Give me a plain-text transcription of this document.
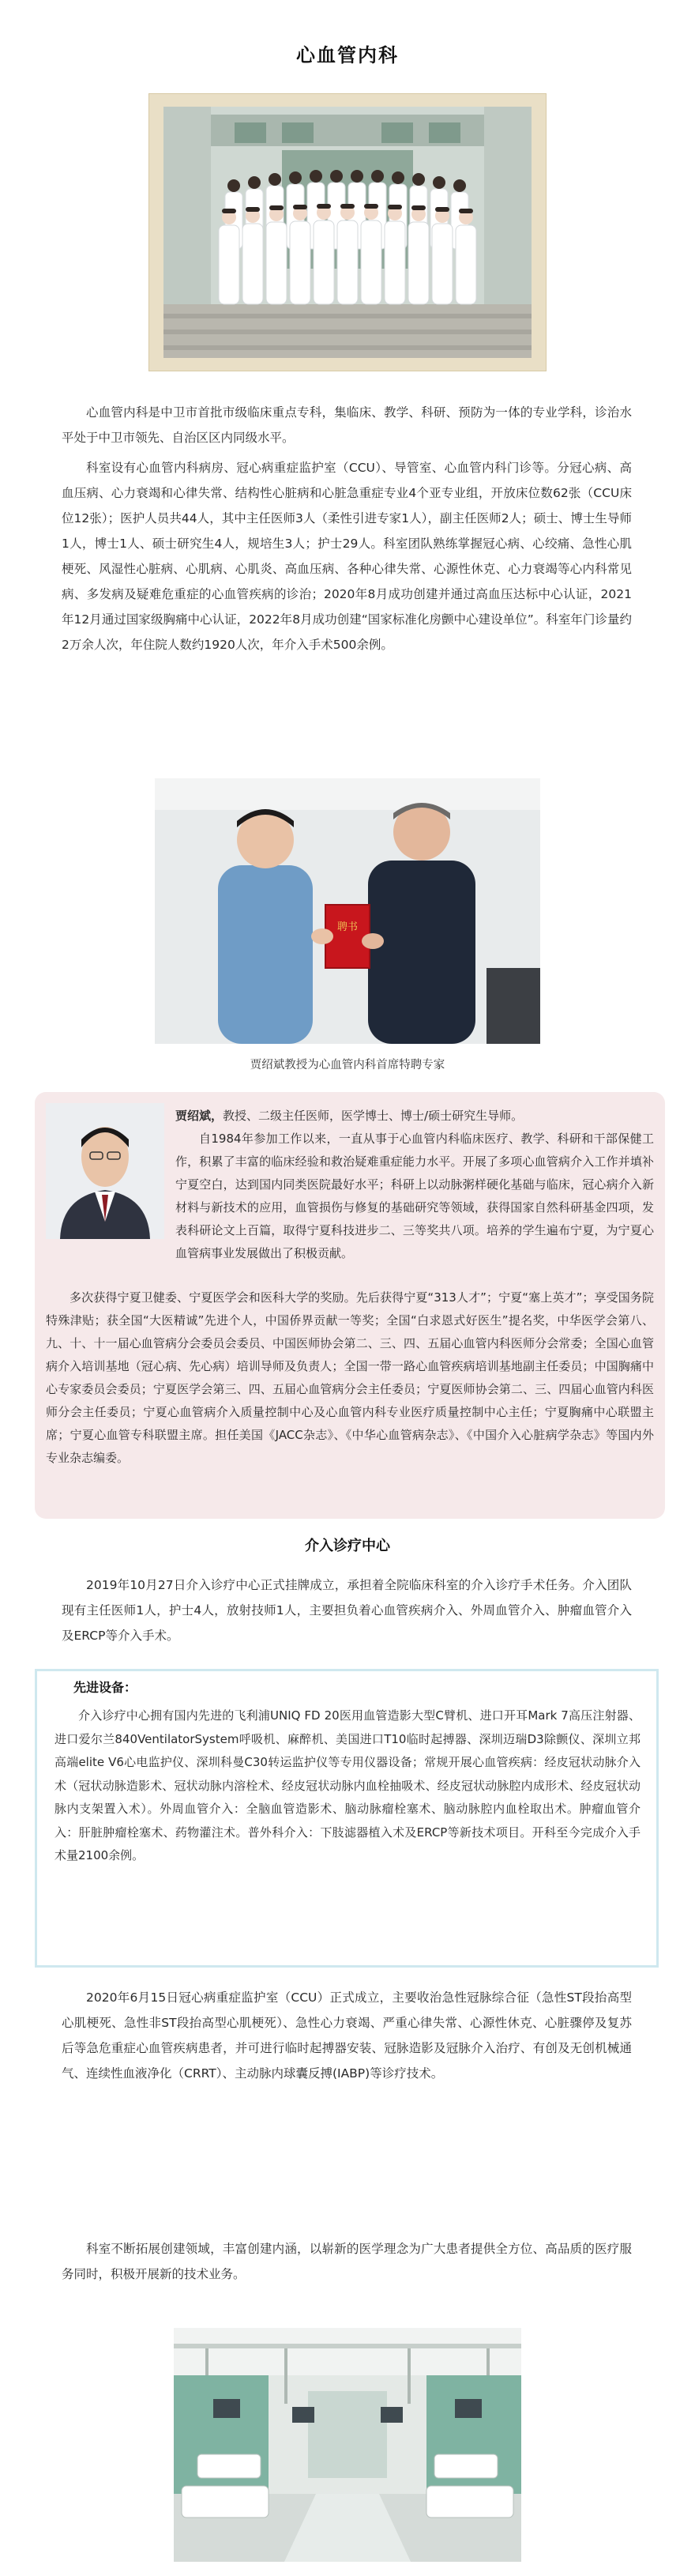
心血管内科

心血管内科是中卫市首批市级临床重点专科，集临床、教学、科研、预防为一体的专业学科，诊治水平处于中卫市领先、自治区区内同级水平。

科室设有心血管内科病房、冠心病重症监护室（CCU）、导管室、心血管内科门诊等。分冠心病、高血压病、心力衰竭和心律失常、结构性心脏病和心脏急重症专业4个亚专业组，开放床位数62张（CCU床位12张）；医护人员共44人，其中主任医师3人（柔性引进专家1人），副主任医师2人；硕士、博士生导师1人，博士1人、硕士研究生4人，规培生3人；护士29人。科室团队熟练掌握冠心病、心绞痛、急性心肌梗死、风湿性心脏病、心肌病、心肌炎、高血压病、各种心律失常、心源性休克、心力衰竭等心内科常见病、多发病及疑难危重症的心血管疾病的诊治；2020年8月成功创建并通过高血压达标中心认证，2021年12月通过国家级胸痛中心认证，2022年8月成功创建“国家标准化房颤中心建设单位”。科室年门诊量约2万余人次，年住院人数约1920人次，年介入手术500余例。

聘书
贾绍斌教授为心血管内科首席特聘专家
贾绍斌，教授、二级主任医师，医学博士、博士/硕士研究生导师。

自1984年参加工作以来，一直从事于心血管内科临床医疗、教学、科研和干部保健工作，积累了丰富的临床经验和救治疑难重症能力水平。开展了多项心血管病介入工作并填补宁夏空白，达到国内同类医院最好水平；科研上以动脉粥样硬化基础与临床，冠心病介入新材料与新技术的应用，血管损伤与修复的基础研究等领域，获得国家自然科研基金四项，发表科研论文上百篇，取得宁夏科技进步二、三等奖共八项。培养的学生遍布宁夏，为宁夏心血管病事业发展做出了积极贡献。

多次获得宁夏卫健委、宁夏医学会和医科大学的奖励。先后获得宁夏“313人才”；宁夏“塞上英才”；享受国务院特殊津贴；获全国“大医精诚”先进个人，中国侨界贡献一等奖；全国“白求恩式好医生”提名奖，中华医学会第八、九、十、十一届心血管病分会委员会委员、中国医师协会第二、三、四、五届心血管内科医师分会常委；全国心血管病介入培训基地（冠心病、先心病）培训导师及负责人；全国一带一路心血管疾病培训基地副主任委员；中国胸痛中心专家委员会委员；宁夏医学会第三、四、五届心血管病分会主任委员；宁夏医师协会第二、三、四届心血管内科医师分会主任委员；宁夏心血管病介入质量控制中心及心血管内科专业医疗质量控制中心主任；宁夏胸痛中心联盟主席；宁夏心血管专科联盟主席。担任美国《JACC杂志》、《中华心血管病杂志》、《中国介入心脏病学杂志》等国内外专业杂志编委。

介入诊疗中心

2019年10月27日介入诊疗中心正式挂牌成立，承担着全院临床科室的介入诊疗手术任务。介入团队现有主任医师1人，护士4人，放射技师1人，主要担负着心血管疾病介入、外周血管介入、肿瘤血管介入及ERCP等介入手术。

先进设备：

介入诊疗中心拥有国内先进的飞利浦UNIQ FD 20医用血管造影大型C臂机、进口开耳Mark 7高压注射器、进口爱尔兰840VentilatorSystem呼吸机、麻醉机、美国进口T10临时起搏器、深圳迈瑞D3除颤仪、深圳立邦高端elite V6心电监护仪、深圳科曼C30转运监护仪等专用仪器设备；常规开展心血管疾病：经皮冠状动脉介入术（冠状动脉造影术、冠状动脉内溶栓术、经皮冠状动脉内血栓抽吸术、经皮冠状动脉腔内成形术、经皮冠状动脉内支架置入术）。外周血管介入：全脑血管造影术、脑动脉瘤栓塞术、脑动脉腔内血栓取出术。肿瘤血管介入：肝脏肿瘤栓塞术、药物灌注术。普外科介入：下肢滤器植入术及ERCP等新技术项目。开科至今完成介入手术量2100余例。

2020年6月15日冠心病重症监护室（CCU）正式成立，主要收治急性冠脉综合征（急性ST段抬高型心肌梗死、急性非ST段抬高型心肌梗死）、急性心力衰竭、严重心律失常、心源性休克、心脏骤停及复苏后等急危重症心血管疾病患者，并可进行临时起搏器安装、冠脉造影及冠脉介入治疗、有创及无创机械通气、连续性血液净化（CRRT）、主动脉内球囊反搏(IABP)等诊疗技术。

科室不断拓展创建领域，丰富创建内涵，以崭新的医学理念为广大患者提供全方位、高品质的医疗服务同时，积极开展新的技术业务。
